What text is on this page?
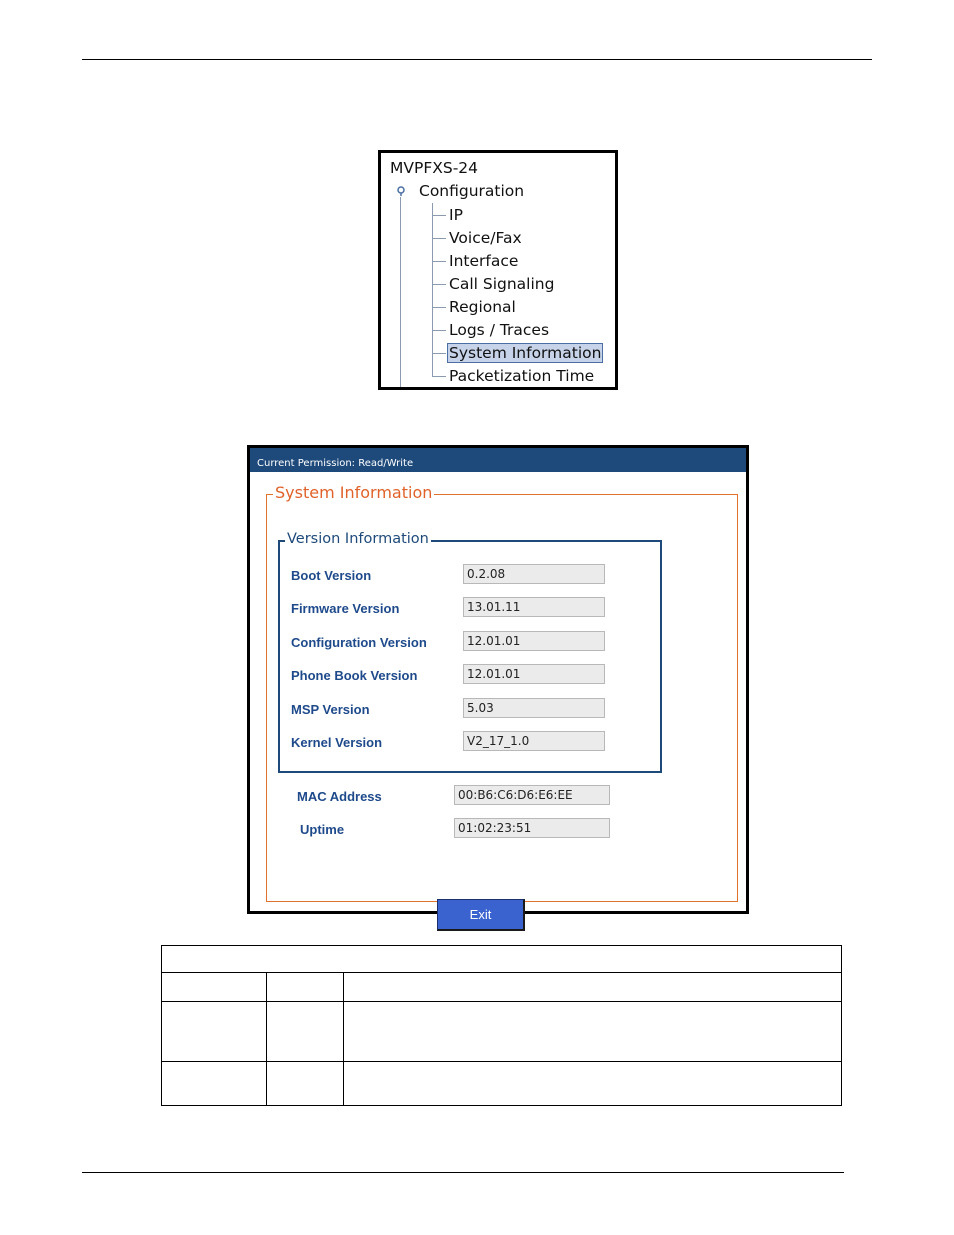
MVPFXS-24
Configuration
IP
Voice/Fax
Interface
Call Signaling
Regional
Logs / Traces
System Information
Packetization Time
Current Permission: Read/Write
System Information
Version Information
Boot Version	0.2.08
Firmware Version	13.01.11
Configuration Version	12.01.01
Phone Book Version	12.01.01
MSP Version	5.03
Kernel Version	V2_17_1.0
MAC Address	00:B6:C6:D6:E6:EE
Uptime	01:02:23:51
Exit
